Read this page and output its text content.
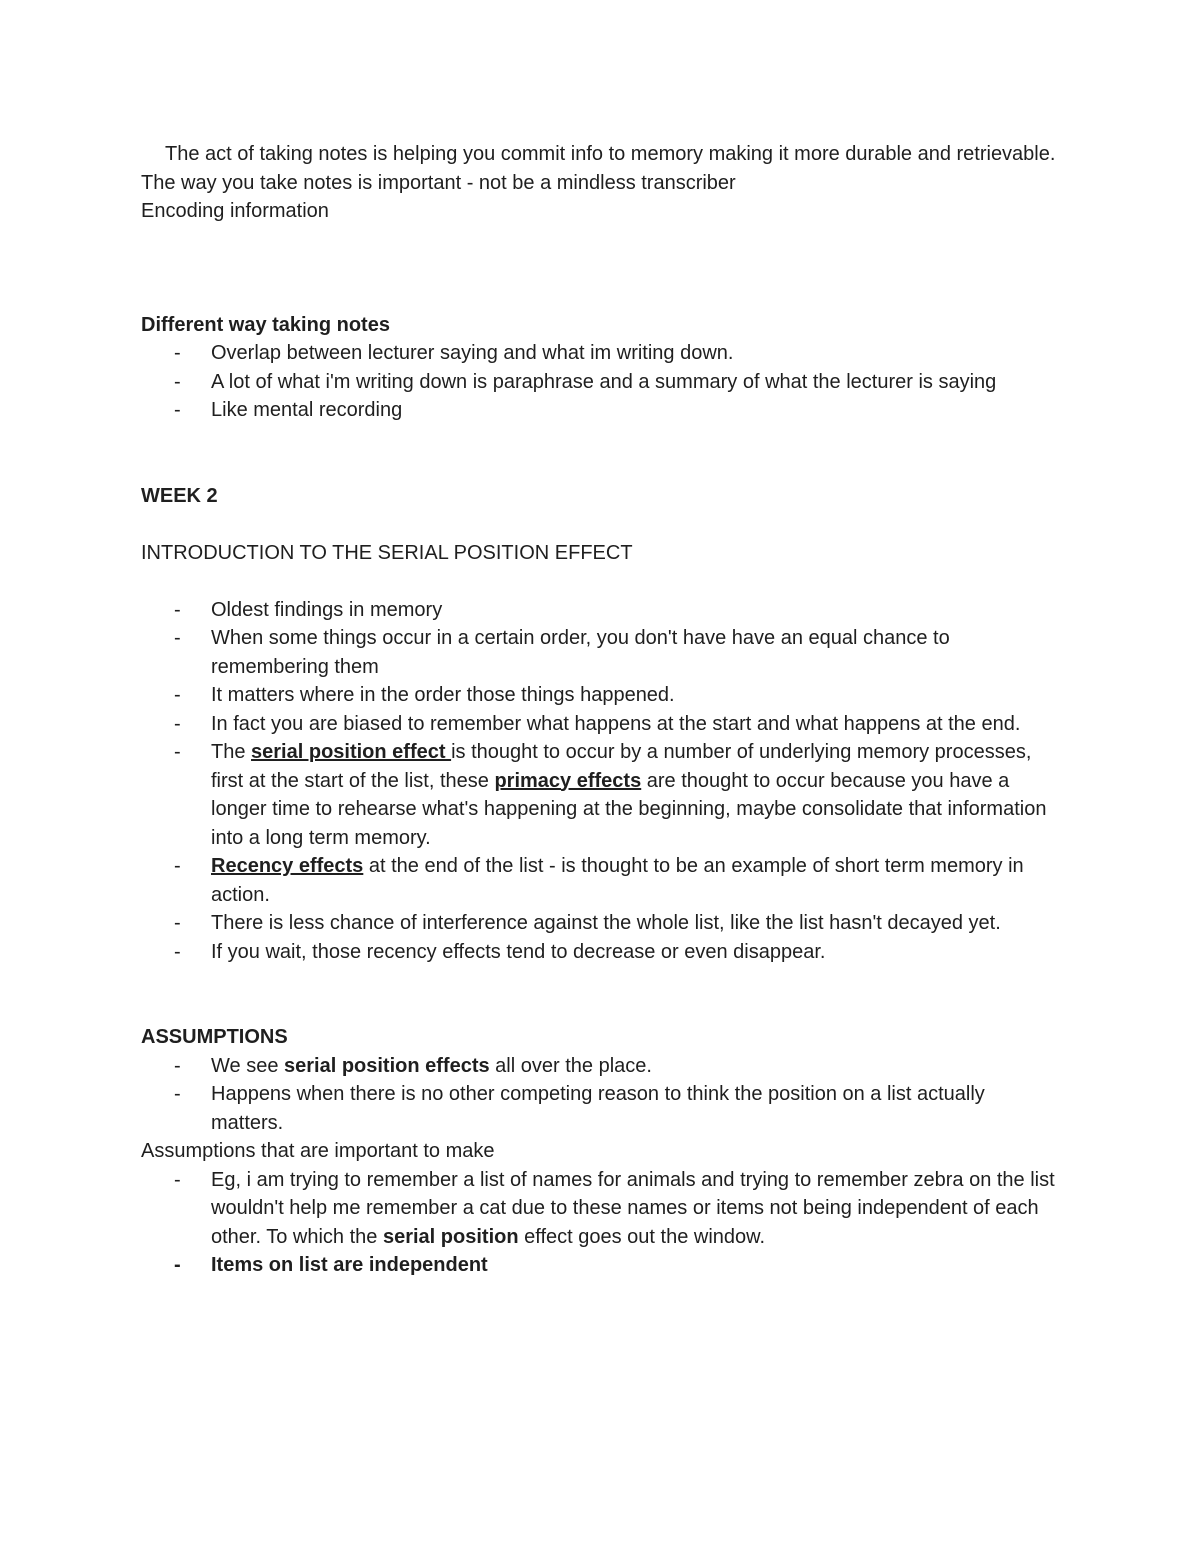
The act of taking notes is helping you commit info to memory making it more durable and retrievable.

The way you take notes is important - not be a mindless transcriber

Encoding information

Different way taking notes

- Overlap between lecturer saying and what im writing down.
- A lot of what i'm writing down is paraphrase and a summary of what the lecturer is saying
- Like mental recording

WEEK 2

INTRODUCTION TO THE SERIAL POSITION EFFECT

- Oldest findings in memory
- When some things occur in a certain order, you don't have have an equal chance to remembering them
- It matters where in the order those things happened.
- In fact you are biased to remember what happens at the start and what happens at the end.
- The serial position effect is thought to occur by a number of underlying memory processes, first at the start of the list, these primacy effects are thought to occur because you have a longer time to rehearse what's happening at the beginning, maybe consolidate that information into a long term memory.
- Recency effects at the end of the list - is thought to be an example of short term memory in action.
- There is less chance of interference against the whole list, like the list hasn't decayed yet.
- If you wait, those recency effects tend to decrease or even disappear.

ASSUMPTIONS

- We see serial position effects all over the place.
- Happens when there is no other competing reason to think the position on a list actually matters.

Assumptions that are important to make

- Eg, i am trying to remember a list of names for animals and trying to remember zebra on the list wouldn't help me remember a cat due to these names or items not being independent of each other. To which the serial position effect goes out the window.
- Items on list are independent
